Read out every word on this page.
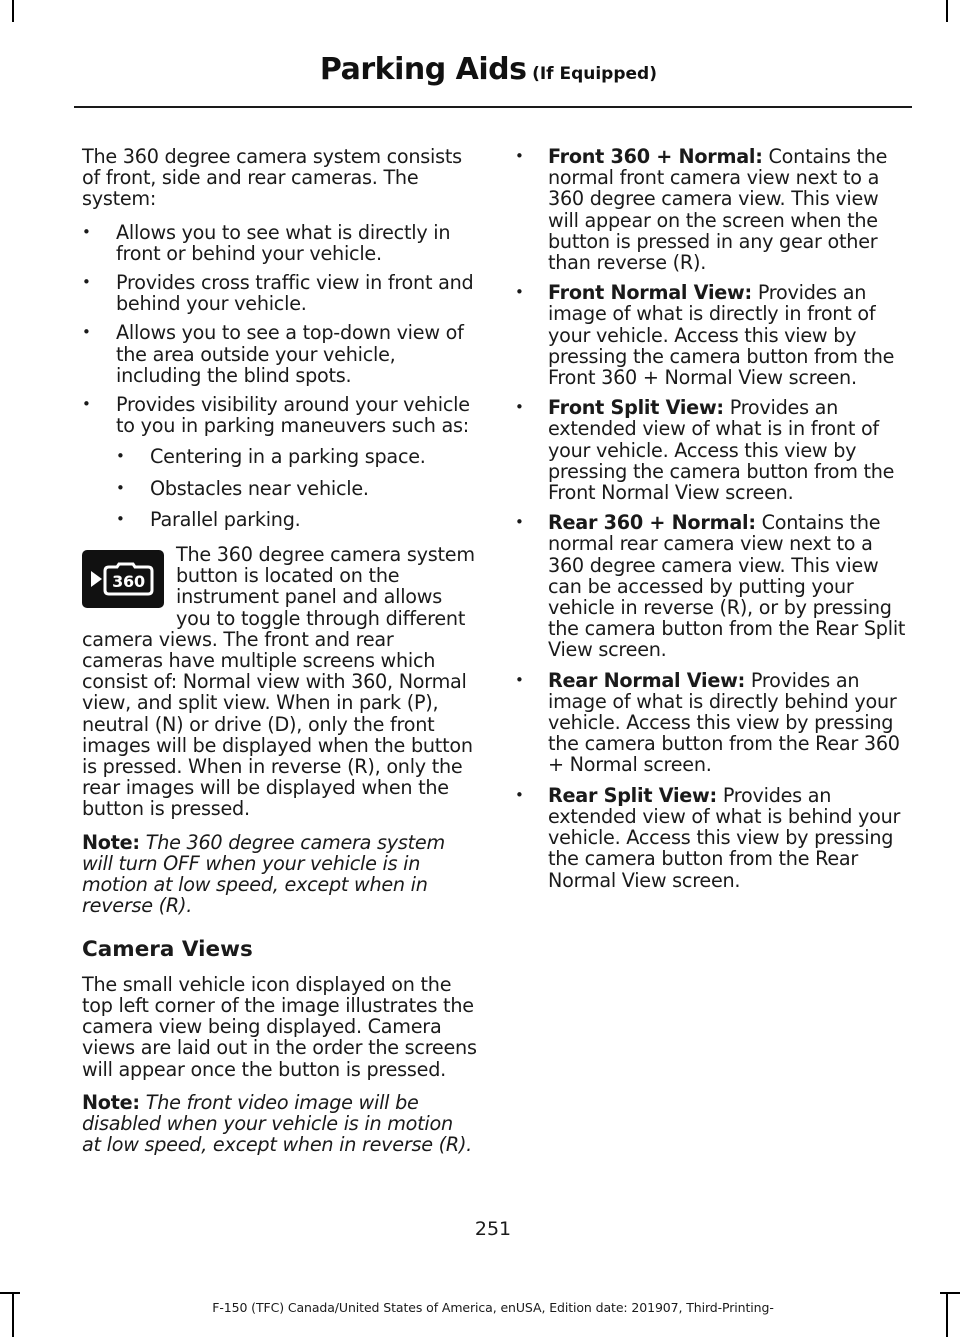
Parking Aids (If Equipped)

The 360 degree camera system consists of front, side and rear cameras. The system:

• Allows you to see what is directly in front or behind your vehicle.
• Provides cross traffic view in front and behind your vehicle.
• Allows you to see a top-down view of the area outside your vehicle, including the blind spots.
• Provides visibility around your vehicle to you in parking maneuvers such as:
• Centering in a parking space.
• Obstacles near vehicle.
• Parallel parking.

360
The 360 degree camera system button is located on the instrument panel and allows you to toggle through different camera views. The front and rear cameras have multiple screens which consist of: Normal view with 360, Normal view, and split view. When in park (P), neutral (N) or drive (D), only the front images will be displayed when the button is pressed. When in reverse (R), only the rear images will be displayed when the button is pressed.

Note: The 360 degree camera system will turn OFF when your vehicle is in motion at low speed, except when in reverse (R).

Camera Views

The small vehicle icon displayed on the top left corner of the image illustrates the camera view being displayed. Camera views are laid out in the order the screens will appear once the button is pressed.

Note: The front video image will be disabled when your vehicle is in motion at low speed, except when in reverse (R).

• Front 360 + Normal: Contains the normal front camera view next to a 360 degree camera view. This view will appear on the screen when the button is pressed in any gear other than reverse (R).
• Front Normal View: Provides an image of what is directly in front of your vehicle. Access this view by pressing the camera button from the Front 360 + Normal View screen.
• Front Split View: Provides an extended view of what is in front of your vehicle. Access this view by pressing the camera button from the Front Normal View screen.
• Rear 360 + Normal: Contains the normal rear camera view next to a 360 degree camera view. This view can be accessed by putting your vehicle in reverse (R), or by pressing the camera button from the Rear Split View screen.
• Rear Normal View: Provides an image of what is directly behind your vehicle. Access this view by pressing the camera button from the Rear 360 + Normal screen.
• Rear Split View: Provides an extended view of what is behind your vehicle. Access this view by pressing the camera button from the Rear Normal View screen.
251
F-150 (TFC) Canada/United States of America, enUSA, Edition date: 201907, Third-Printing-
